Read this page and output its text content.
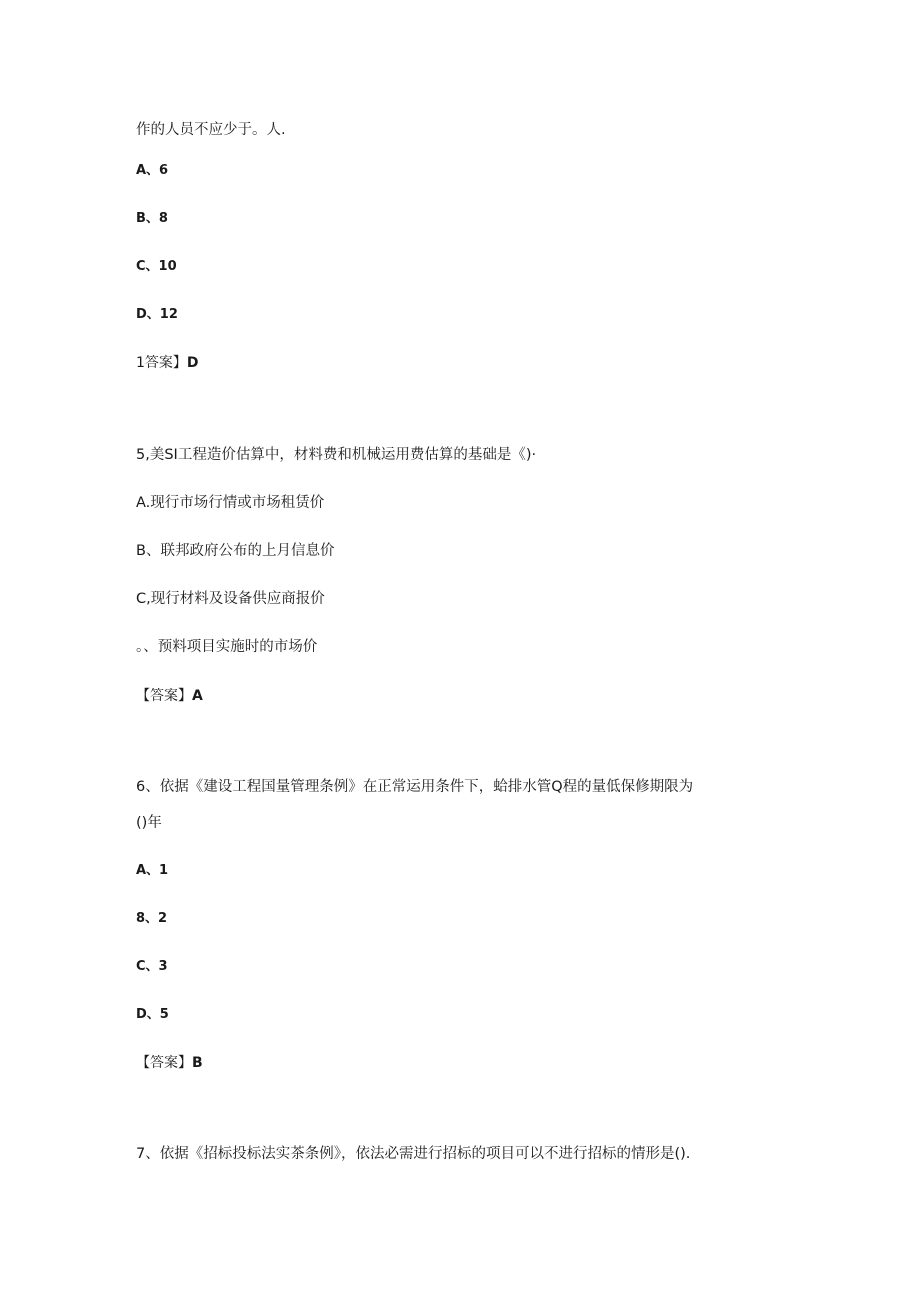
作的人员不应少于。人.
A、6
B、8
C、10
D、12
1答案】D
5,美SI工程造价估算中，材料费和机械运用费估算的基础是《)·
A.现行市场行情或市场租赁价
B、联邦政府公布的上月信息价
C,现行材料及设备供应商报价
。、预料项目实施时的市场价
【答案】A
6、依据《建设工程国量管理条例》在正常运用条件下，蛤排水管Q程的量低保修期限为
()年
A、1
8、2
C、3
D、5
【答案】B
7、依据《招标投标法实茶条例》，依法必需进行招标的项目可以不进行招标的情形是().
